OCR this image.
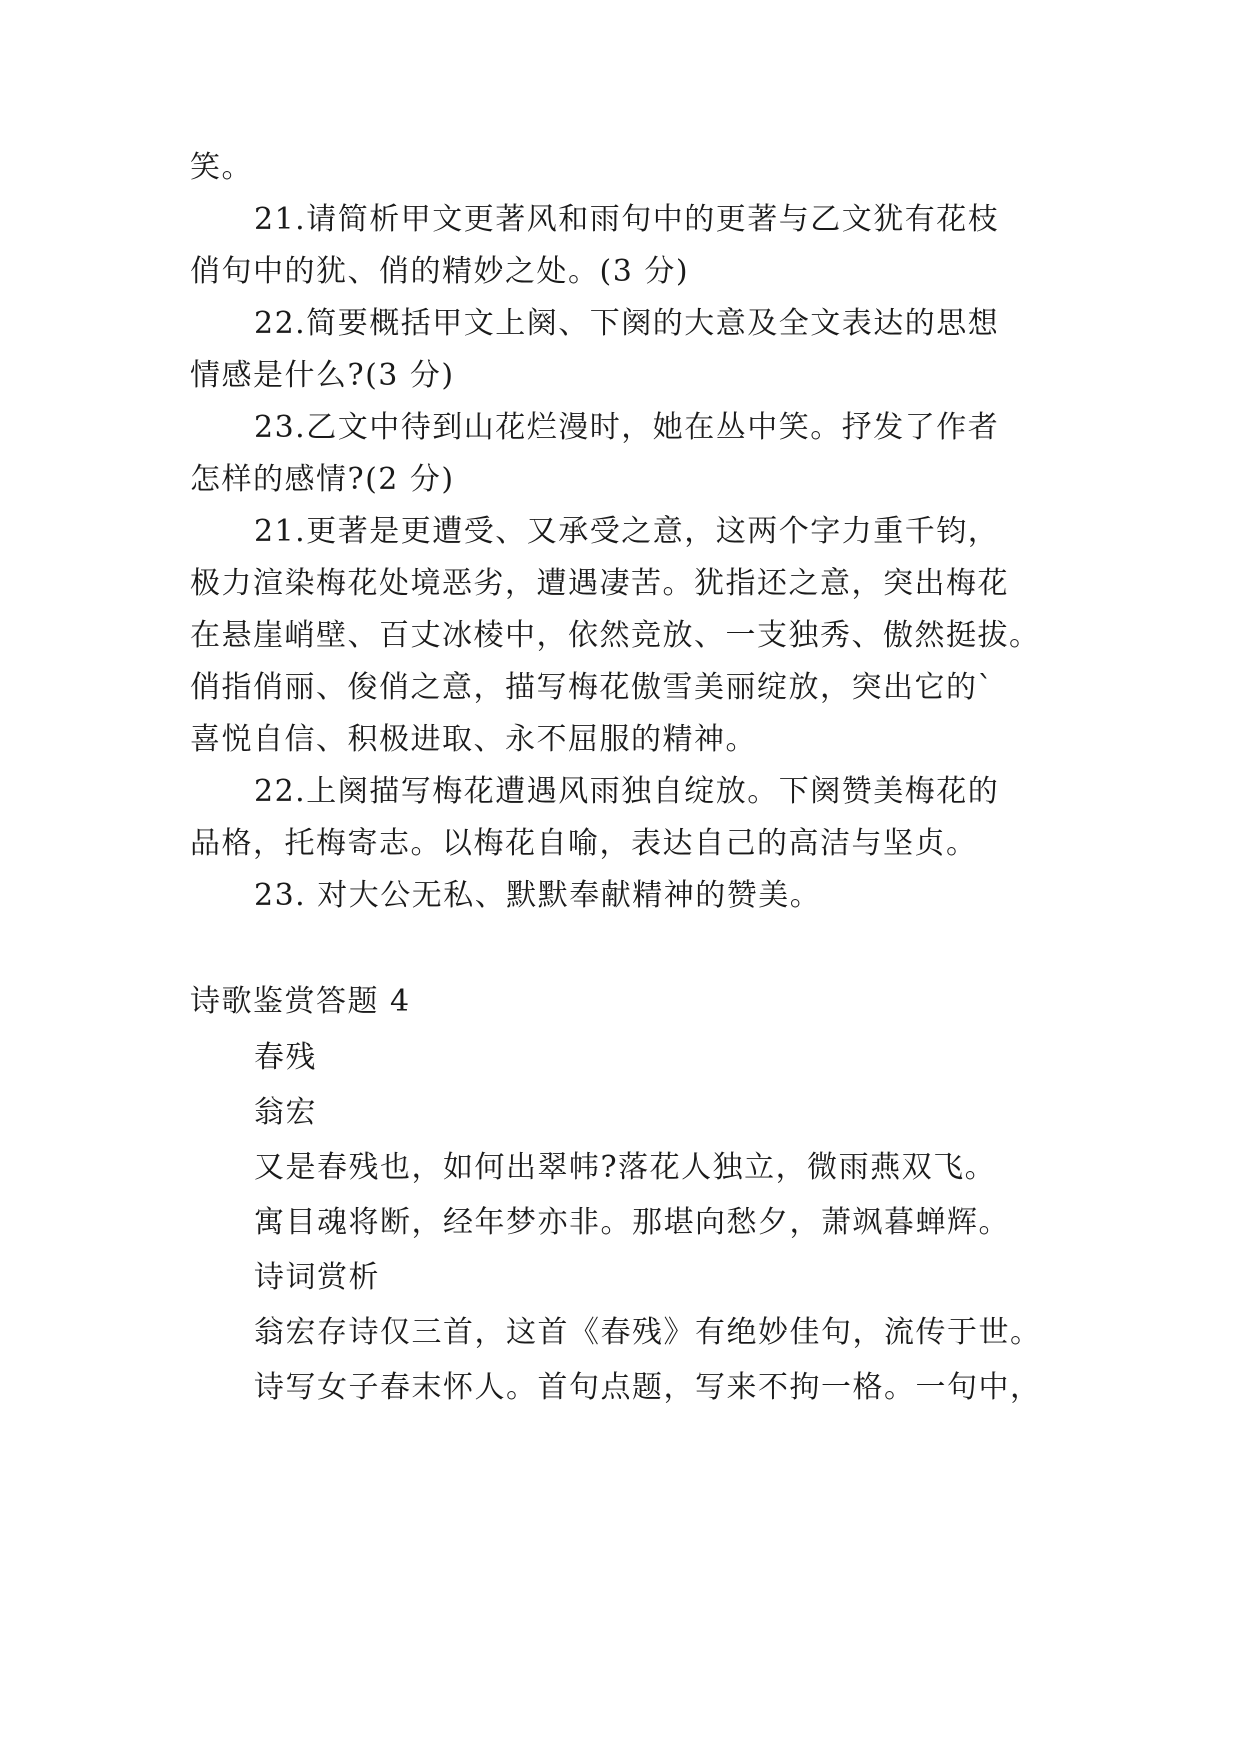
笑。
21.请简析甲文更著风和雨句中的更著与乙文犹有花枝
俏句中的犹、俏的精妙之处。(3 分)
22.简要概括甲文上阕、下阕的大意及全文表达的思想
情感是什么?(3 分)
23.乙文中待到山花烂漫时，她在丛中笑。抒发了作者
怎样的感情?(2 分)
21.更著是更遭受、又承受之意，这两个字力重千钧，
极力渲染梅花处境恶劣，遭遇凄苦。犹指还之意，突出梅花
在悬崖峭壁、百丈冰棱中，依然竞放、一支独秀、傲然挺拔。
俏指俏丽、俊俏之意，描写梅花傲雪美丽绽放，突出它的`
喜悦自信、积极进取、永不屈服的精神。
22.上阕描写梅花遭遇风雨独自绽放。下阕赞美梅花的
品格，托梅寄志。以梅花自喻，表达自己的高洁与坚贞。
23. 对大公无私、默默奉献精神的赞美。
诗歌鉴赏答题 4
春残
翁宏
又是春残也，如何出翠帏?落花人独立，微雨燕双飞。
寓目魂将断，经年梦亦非。那堪向愁夕，萧飒暮蝉辉。
诗词赏析
翁宏存诗仅三首，这首《春残》有绝妙佳句，流传于世。
诗写女子春末怀人。首句点题，写来不拘一格。一句中，
